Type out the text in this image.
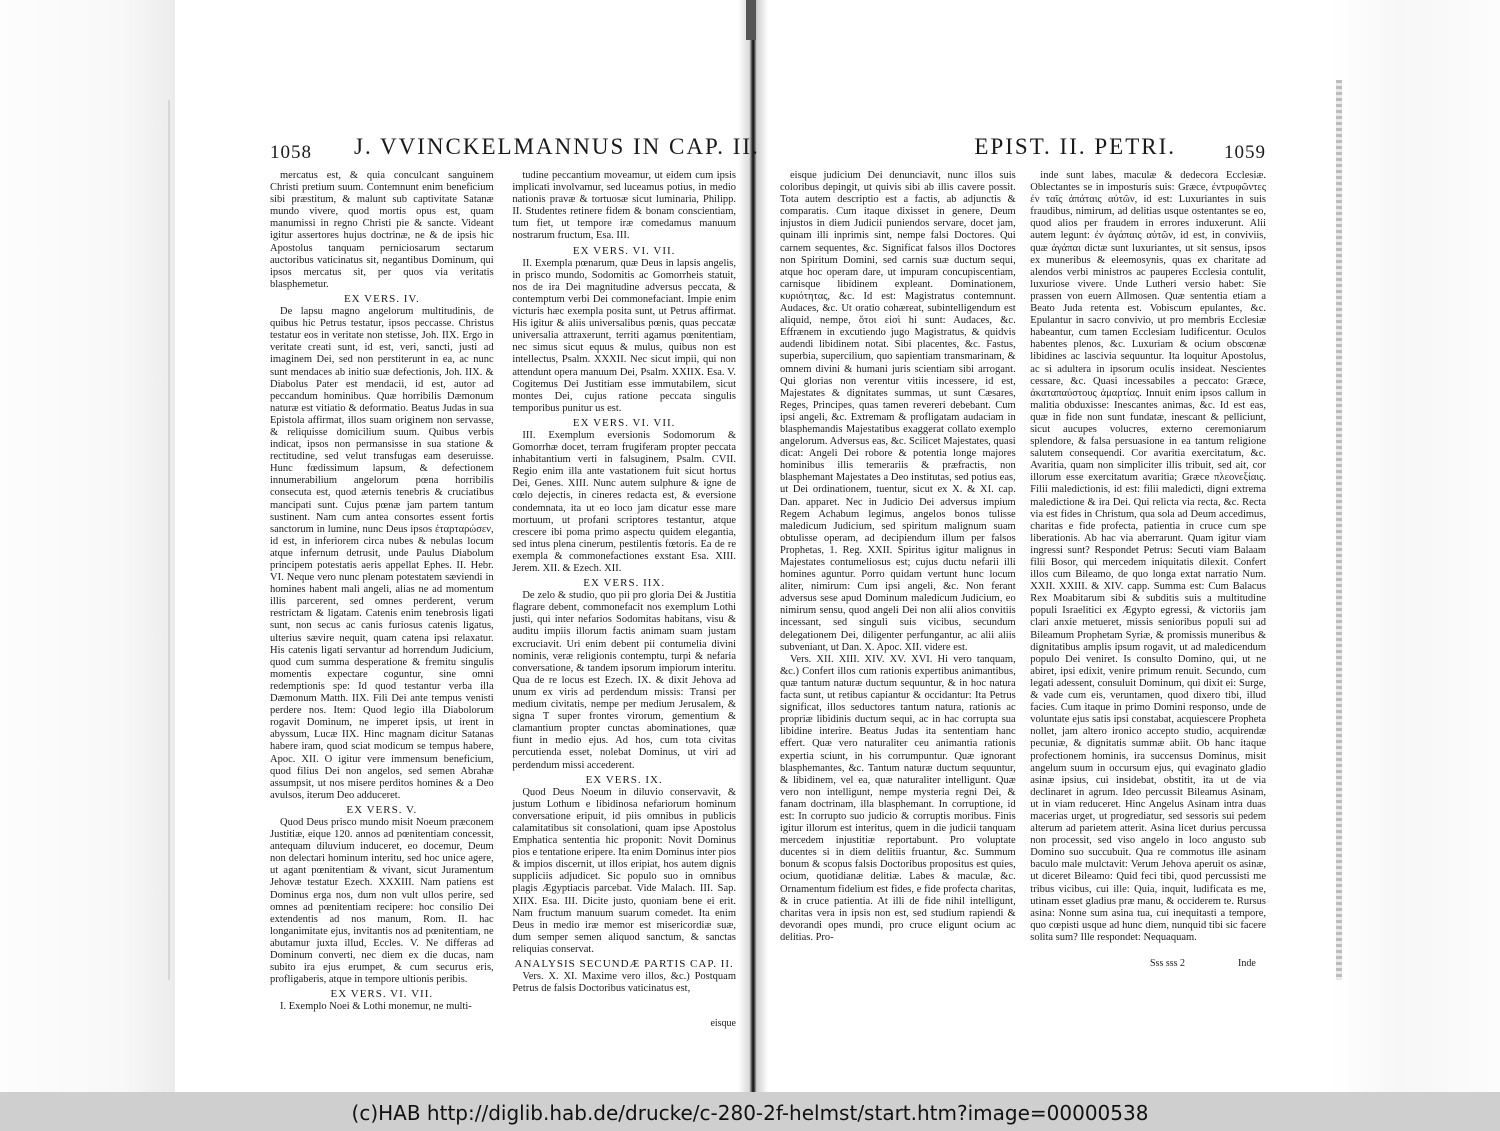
1058 J. VVINCKELMANNUS IN CAP. II.

mercatus est, & quia conculcant sanguinem Christi pretium suum. Contemnunt enim beneficium sibi præstitum, & malunt sub captivitate Satanæ mundo vivere, quod mortis opus est, quam manumissi in regno Christi pie & sancte. Videant igitur assertores hujus doctrinæ, ne & de ipsis hic Apostolus tanquam perniciosarum sectarum auctoribus vaticinatus sit, negantibus Dominum, qui ipsos mercatus sit, per quos via veritatis blasphemetur.

EX VERS. IV.

De lapsu magno angelorum multitudinis, de quibus hic Petrus testatur, ipsos peccasse. Christus testatur eos in veritate non stetisse, Joh. IIX. Ergo in veritate creati sunt, id est, veri, sancti, justi ad imaginem Dei, sed non perstiterunt in ea, ac nunc sunt mendaces ab initio suæ defectionis, Joh. IIX. & Diabolus Pater est mendacii, id est, autor ad peccandum hominibus. Quæ horribilis Dæmonum naturæ est vitiatio & deformatio. Beatus Judas in sua Epistola affirmat, illos suam originem non servasse, & reliquisse domicilium suum. Quibus verbis indicat, ipsos non permansisse in sua statione & rectitudine, sed velut transfugas eam deseruisse. Hunc fœdissimum lapsum, & defectionem innumerabilium angelorum pœna horribilis consecuta est, quod æternis tenebris & cruciatibus mancipati sunt. Cujus pœnæ jam partem tantum sustinent. Nam cum antea consortes essent fortis sanctorum in lumine, nunc Deus ipsos ἐταρταρώσεν, id est, in inferiorem circa nubes & nebulas locum atque infernum detrusit, unde Paulus Diabolum principem potestatis aeris appellat Ephes. II. Hebr. VI. Neque vero nunc plenam potestatem sæviendi in homines habent mali angeli, alias ne ad momentum illis parcerent, sed omnes perderent, verum restrictam & ligatam. Catenis enim tenebrosis ligati sunt, non secus ac canis furiosus catenis ligatus, ulterius sævire nequit, quam catena ipsi relaxatur. His catenis ligati servantur ad horrendum Judicium, quod cum summa desperatione & fremitu singulis momentis expectare coguntur, sine omni redemptionis spe: Id quod testantur verba illa Dæmonum Matth. IIX. Fili Dei ante tempus venisti perdere nos. Item: Quod legio illa Diabolorum rogavit Dominum, ne imperet ipsis, ut irent in abyssum, Lucæ IIX. Hinc magnam dicitur Satanas habere iram, quod sciat modicum se tempus habere, Apoc. XII. O igitur vere immensum beneficium, quod filius Dei non angelos, sed semen Abrahæ assumpsit, ut nos misere perditos homines & a Deo avulsos, iterum Deo adduceret.

EX VERS. V.

Quod Deus prisco mundo misit Noeum præconem Justitiæ, eique 120. annos ad pœnitentiam concessit, antequam diluvium induceret, eo docemur, Deum non delectari hominum interitu, sed hoc unice agere, ut agant pœnitentiam & vivant, sicut Juramentum Jehovæ testatur Ezech. XXXIII. Nam patiens est Dominus erga nos, dum non vult ullos perire, sed omnes ad pœnitentiam recipere: hoc consilio Dei extendentis ad nos manum, Rom. II. hac longanimitate ejus, invitantis nos ad pœnitentiam, ne abutamur juxta illud, Eccles. V. Ne differas ad Dominum converti, nec diem ex die ducas, nam subito ira ejus erumpet, & cum securus eris, profligaberis, atque in tempore ultionis peribis.

EX VERS. VI. VII.

I. Exemplo Noei & Lothi monemur, ne multi-

tudine peccantium moveamur, ut eidem cum ipsis implicati involvamur, sed luceamus potius, in medio nationis pravæ & tortuosæ sicut luminaria, Philipp. II. Studentes retinere fidem & bonam conscientiam, tum fiet, ut tempore iræ comedamus manuum nostrarum fructum, Esa. III.

EX VERS. VI. VII.

II. Exempla pœnarum, quæ Deus in lapsis angelis, in prisco mundo, Sodomitis ac Gomorrheis statuit, nos de ira Dei magnitudine adversus peccata, & contemptum verbi Dei commonefaciant. Impie enim victuris hæc exempla posita sunt, ut Petrus affirmat. His igitur & aliis universalibus pœnis, quas peccatæ universalia attraxerunt, territi agamus pœnitentiam, nec simus sicut equus & mulus, quibus non est intellectus, Psalm. XXXII. Nec sicut impii, qui non attendunt opera manuum Dei, Psalm. XXIIX. Esa. V. Cogitemus Dei Justitiam esse immutabilem, sicut montes Dei, cujus ratione peccata singulis temporibus punitur us est.

EX VERS. VI. VII.

III. Exemplum eversionis Sodomorum & Gomorrhæ docet, terram frugiferam propter peccata inhabitantium verti in falsuginem, Psalm. CVII. Regio enim illa ante vastationem fuit sicut hortus Dei, Genes. XIII. Nunc autem sulphure & igne de cœlo dejectis, in cineres redacta est, & eversione condemnata, ita ut eo loco jam dicatur esse mare mortuum, ut profani scriptores testantur, atque crescere ibi poma primo aspectu quidem elegantia, sed intus plena cinerum, pestilentis fœtoris. Ea de re exempla & commonefactiones exstant Esa. XIII. Jerem. XII. & Ezech. XII.

EX VERS. IIX.

De zelo & studio, quo pii pro gloria Dei & Justitia flagrare debent, commonefacit nos exemplum Lothi justi, qui inter nefarios Sodomitas habitans, visu & auditu impiis illorum factis animam suam justam excruciavit. Uri enim debent pii contumelia divini nominis, veræ religionis contemptu, turpi & nefaria conversatione, & tandem ipsorum impiorum interitu. Qua de re locus est Ezech. IX. & dixit Jehova ad unum ex viris ad perdendum missis: Transi per medium civitatis, nempe per medium Jerusalem, & signa T super frontes virorum, gementium & clamantium propter cunctas abominationes, quæ fiunt in medio ejus. Ad hos, cum tota civitas percutienda esset, nolebat Dominus, ut viri ad perdendum missi accederent.

EX VERS. IX.

Quod Deus Noeum in diluvio conservavit, & justum Lothum e libidinosa nefariorum hominum conversatione eripuit, id piis omnibus in publicis calamitatibus sit consolationi, quam ipse Apostolus Emphatica sententia hic proponit: Novit Dominus pios e tentatione eripere. Ita enim Dominus inter pios & impios discernit, ut illos eripiat, hos autem dignis suppliciis adjudicet. Sic populo suo in omnibus plagis Ægyptiacis parcebat. Vide Malach. III. Sap. XIIX. Esa. III. Dicite justo, quoniam bene ei erit. Nam fructum manuum suarum comedet. Ita enim Deus in medio iræ memor est misericordiæ suæ, dum semper semen aliquod sanctum, & sanctas reliquias conservat.

ANALYSIS SECUNDÆ PARTIS CAP. II.

Vers. X. XI. Maxime vero illos, &c.) Postquam Petrus de falsis Doctoribus vaticinatus est,

eisque
EPIST. II. PETRI.	1059

eisque judicium Dei denunciavit, nunc illos suis coloribus depingit, ut quivis sibi ab illis cavere possit. Tota autem descriptio est a factis, ab adjunctis & comparatis. Cum itaque dixisset in genere, Deum injustos in diem Judicii puniendos servare, docet jam, quinam illi inprimis sint, nempe falsi Doctores. Qui carnem sequentes, &c. Significat falsos illos Doctores non Spiritum Domini, sed carnis suæ ductum sequi, atque hoc operam dare, ut impuram concupiscentiam, carnisque libidinem expleant. Dominationem, κυριότητας, &c. Id est: Magistratus contemnunt. Audaces, &c. Ut oratio cohæreat, subintelligendum est aliquid, nempe, ὅτοι εἰσὶ hi sunt: Audaces, &c. Effrænem in excutiendo jugo Magistratus, & quidvis audendi libidinem notat. Sibi placentes, &c. Fastus, superbia, supercilium, quo sapientiam transmarinam, & omnem divini & humani juris scientiam sibi arrogant. Qui glorias non verentur vitiis incessere, id est, Majestates & dignitates summas, ut sunt Cæsares, Reges, Principes, quas tamen revereri debebant. Cum ipsi angeli, &c. Extremam & profligatam audaciam in blasphemandis Majestatibus exaggerat collato exemplo angelorum. Adversus eas, &c. Scilicet Majestates, quasi dicat: Angeli Dei robore & potentia longe majores hominibus illis temerariis & præfractis, non blasphemant Majestates a Deo institutas, sed potius eas, ut Dei ordinationem, tuentur, sicut ex X. & XI. cap. Dan. apparet. Nec in Judicio Dei adversus impium Regem Achabum legimus, angelos bonos tulisse maledicum Judicium, sed spiritum malignum suam obtulisse operam, ad decipiendum illum per falsos Prophetas, 1. Reg. XXII. Spiritus igitur malignus in Majestates contumeliosus est; cujus ductu nefarii illi homines aguntur. Porro quidam vertunt hunc locum aliter, nimirum: Cum ipsi angeli, &c. Non ferant adversus sese apud Dominum maledicum Judicium, eo nimirum sensu, quod angeli Dei non alii alios convitiis incessant, sed singuli suis vicibus, secundum delegationem Dei, diligenter perfungantur, ac alii aliis subveniant, ut Dan. X. Apoc. XII. videre est.

Vers. XII. XIII. XIV. XV. XVI. Hi vero tanquam, &c.) Confert illos cum rationis expertibus animantibus, quæ tantum naturæ ductum sequuntur, & in hoc natura facta sunt, ut retibus capiantur & occidantur: Ita Petrus significat, illos seductores tantum natura, rationis ac propriæ libidinis ductum sequi, ac in hac corrupta sua libidine interire. Beatus Judas ita sententiam hanc effert. Quæ vero naturaliter ceu animantia rationis expertia sciunt, in his corrumpuntur. Quæ ignorant blasphemantes, &c. Tantum naturæ ductum sequuntur, & libidinem, vel ea, quæ naturaliter intelligunt. Quæ vero non intelligunt, nempe mysteria regni Dei, & fanam doctrinam, illa blasphemant. In corruptione, id est: In corrupto suo judicio & corruptis moribus. Finis igitur illorum est interitus, quem in die judicii tanquam mercedem injustitiæ reportabunt. Pro voluptate ducentes si in diem delitiis fruantur, &c. Summum bonum & scopus falsis Doctoribus propositus est quies, ocium, quotidianæ delitiæ. Labes & maculæ, &c. Ornamentum fidelium est fides, e fide profecta charitas, & in cruce patientia. At illi de fide nihil intelligunt, charitas vera in ipsis non est, sed studium rapiendi & devorandi opes mundi, pro cruce eligunt ocium ac delitias. Pro-

inde sunt labes, maculæ & dedecora Ecclesiæ. Oblectantes se in imposturis suis: Græce, ἐντρυφῶντες ἐν ταῖς ἀπάταις αὐτῶν, id est: Luxuriantes in suis fraudibus, nimirum, ad delitias usque ostentantes se eo, quod alios per fraudem in errores induxerunt. Alii autem legunt: ἐν ἀγάπαις αὐτῶν, id est, in conviviis, quæ ἀγάπαι dictæ sunt luxuriantes, ut sit sensus, ipsos ex muneribus & eleemosynis, quas ex charitate ad alendos verbi ministros ac pauperes Ecclesia contulit, luxuriose vivere. Unde Lutheri versio habet: Sie prassen von euern Allmosen. Quæ sententia etiam a Beato Juda retenta est. Vobiscum epulantes, &c. Epulantur in sacro convivio, ut pro membris Ecclesiæ habeantur, cum tamen Ecclesiam ludificentur. Oculos habentes plenos, &c. Luxuriam & ocium obscœnæ libidines ac lascivia sequuntur. Ita loquitur Apostolus, ac si adultera in ipsorum oculis insideat. Nescientes cessare, &c. Quasi incessabiles a peccato: Græce, ἀκαταπαύστους ἁμαρτίας. Innuit enim ipsos callum in malitia obduxisse: Inescantes animas, &c. Id est eas, quæ in fide non sunt fundatæ, inescant & pelliciunt, sicut aucupes volucres, externo ceremoniarum splendore, & falsa persuasione in ea tantum religione salutem consequendi. Cor avaritia exercitatum, &c. Avaritia, quam non simpliciter illis tribuit, sed ait, cor illorum esse exercitatum avaritia; Græce πλεονεξίαις. Filii maledictionis, id est: filii maledicti, digni extrema maledictione & ira Dei. Qui relicta via recta, &c. Recta via est fides in Christum, qua sola ad Deum accedimus, charitas e fide profecta, patientia in cruce cum spe liberationis. Ab hac via aberrarunt. Quam igitur viam ingressi sunt? Respondet Petrus: Secuti viam Balaam filii Bosor, qui mercedem iniquitatis dilexit. Confert illos cum Bileamo, de quo longa extat narratio Num. XXII. XXIII. & XIV. capp. Summa est: Cum Balacus Rex Moabitarum sibi & subditis suis a multitudine populi Israelitici ex Ægypto egressi, & victoriis jam clari anxie metueret, missis senioribus populi sui ad Bileamum Prophetam Syriæ, & promissis muneribus & dignitatibus amplis ipsum rogavit, ut ad maledicendum populo Dei veniret. Is consulto Domino, qui, ut ne abiret, ipsi edixit, venire primum renuit. Secundo, cum legati adessent, consuluit Dominum, qui dixit ei: Surge, & vade cum eis, veruntamen, quod dixero tibi, illud facies. Cum itaque in primo Domini responso, unde de voluntate ejus satis ipsi constabat, acquiescere Propheta nollet, jam altero ironico accepto studio, acquirendæ pecuniæ, & dignitatis summæ abiit. Ob hanc itaque profectionem hominis, ira succensus Dominus, misit angelum suum in occursum ejus, qui evaginato gladio asinæ ipsius, cui insidebat, obstitit, ita ut de via declinaret in agrum. Ideo percussit Bileamus Asinam, ut in viam reduceret. Hinc Angelus Asinam intra duas macerias urget, ut progrediatur, sed sessoris sui pedem alterum ad parietem atterit. Asina licet durius percussa non processit, sed viso angelo in loco angusto sub Domino suo succubuit. Qua re commotus ille asinam baculo male mulctavit: Verum Jehova aperuit os asinæ, ut diceret Bileamo: Quid feci tibi, quod percussisti me tribus vicibus, cui ille: Quia, inquit, ludificata es me, utinam esset gladius præ manu, & occiderem te. Rursus asina: Nonne sum asina tua, cui inequitasti a tempore, quo cœpisti usque ad hunc diem, nunquid tibi sic facere solita sum? Ille respondet: Nequaquam.

Sss sss 2	Inde
(c)HAB http://diglib.hab.de/drucke/c-280-2f-helmst/start.htm?image=00000538
